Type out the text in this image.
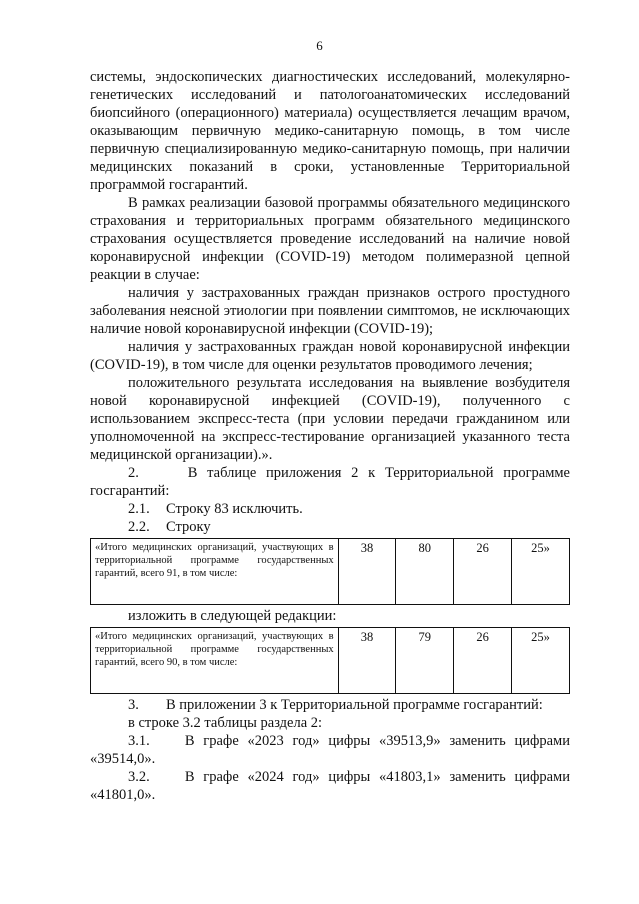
6

системы, эндоскопических диагностических исследований, молекулярно-генетических исследований и патологоанатомических исследований биопсийного (операционного) материала) осуществляется лечащим врачом, оказывающим первичную медико-санитарную помощь, в том числе первичную специализированную медико-санитарную помощь, при наличии медицинских показаний в сроки, установленные Территориальной программой госгарантий.

В рамках реализации базовой программы обязательного медицинского страхования и территориальных программ обязательного медицинского страхования осуществляется проведение исследований на наличие новой коронавирусной инфекции (COVID-19) методом полимеразной цепной реакции в случае:

наличия у застрахованных граждан признаков острого простудного заболевания неясной этиологии при появлении симптомов, не исключающих наличие новой коронавирусной инфекции (COVID-19);

наличия у застрахованных граждан новой коронавирусной инфекции (COVID-19), в том числе для оценки результатов проводимого лечения;

положительного результата исследования на выявление возбудителя новой коронавирусной инфекцией (COVID-19), полученного с использованием экспресс-теста (при условии передачи гражданином или уполномоченной на экспресс-тестирование организацией указанного теста медицинской организации).».

2.	В таблице приложения 2 к Территориальной программе госгарантий:

2.1. Строку 83 исключить.

2.2. Строку

«Итого медицинских организаций, участвующих в территориальной программе государственных гарантий, всего 91, в том числе:	38	80	26	25»

изложить в следующей редакции:

«Итого медицинских организаций, участвующих в территориальной программе государственных гарантий, всего 90, в том числе:	38	79	26	25»

3. В приложении 3 к Территориальной программе госгарантий:

в строке 3.2 таблицы раздела 2:

3.1. В графе «2023 год» цифры «39513,9» заменить цифрами «39514,0».

3.2. В графе «2024 год» цифры «41803,1» заменить цифрами «41801,0».
